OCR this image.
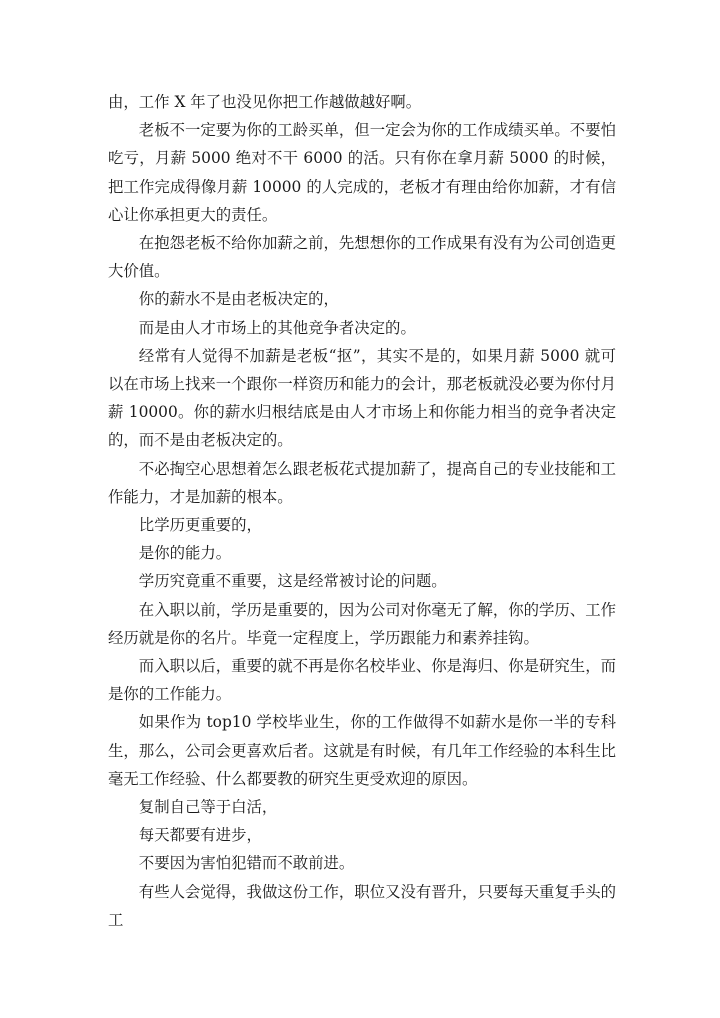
由，工作 X 年了也没见你把工作越做越好啊。

老板不一定要为你的工龄买单，但一定会为你的工作成绩买单。不要怕吃亏，月薪 5000 绝对不干 6000 的活。只有你在拿月薪 5000 的时候，把工作完成得像月薪 10000 的人完成的，老板才有理由给你加薪，才有信心让你承担更大的责任。

在抱怨老板不给你加薪之前，先想想你的工作成果有没有为公司创造更大价值。

你的薪水不是由老板决定的，

而是由人才市场上的其他竞争者决定的。

经常有人觉得不加薪是老板“抠”，其实不是的，如果月薪 5000 就可以在市场上找来一个跟你一样资历和能力的会计，那老板就没必要为你付月薪 10000。你的薪水归根结底是由人才市场上和你能力相当的竞争者决定的，而不是由老板决定的。

不必掏空心思想着怎么跟老板花式提加薪了，提高自己的专业技能和工作能力，才是加薪的根本。

比学历更重要的，

是你的能力。

学历究竟重不重要，这是经常被讨论的问题。

在入职以前，学历是重要的，因为公司对你毫无了解，你的学历、工作经历就是你的名片。毕竟一定程度上，学历跟能力和素养挂钩。

而入职以后，重要的就不再是你名校毕业、你是海归、你是研究生，而是你的工作能力。

如果作为 top10 学校毕业生，你的工作做得不如薪水是你一半的专科生，那么，公司会更喜欢后者。这就是有时候，有几年工作经验的本科生比毫无工作经验、什么都要教的研究生更受欢迎的原因。

复制自己等于白活，

每天都要有进步，

不要因为害怕犯错而不敢前进。

有些人会觉得，我做这份工作，职位又没有晋升，只要每天重复手头的工
